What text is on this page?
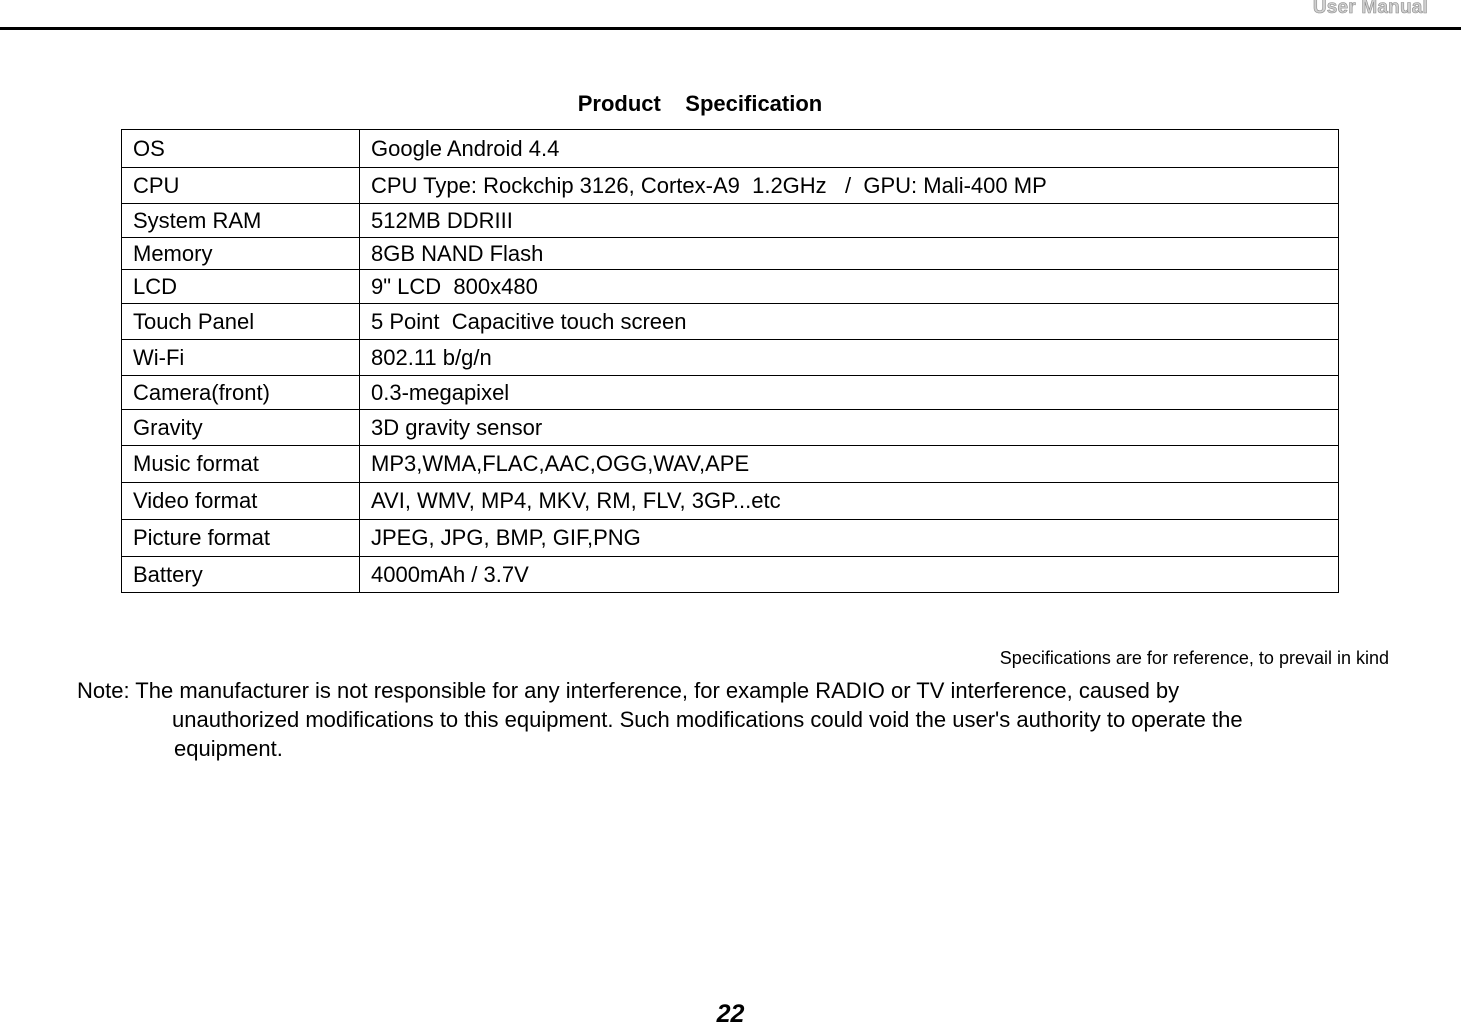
User Manual
Product    Specification
OS	Google Android 4.4
CPU	CPU Type: Rockchip 3126, Cortex-A9  1.2GHz   /  GPU: Mali-400 MP
System RAM	512MB DDRIII
Memory	8GB NAND Flash
LCD	9" LCD  800x480
Touch Panel	5 Point  Capacitive touch screen
Wi-Fi	802.11 b/g/n
Camera(front)	0.3-megapixel
Gravity	3D gravity sensor
Music format	MP3,WMA,FLAC,AAC,OGG,WAV,APE
Video format	AVI, WMV, MP4, MKV, RM, FLV, 3GP...etc
Picture format	JPEG, JPG, BMP, GIF,PNG
Battery	4000mAh / 3.7V
Specifications are for reference, to prevail in kind
Note: The manufacturer is not responsible for any interference, for example RADIO or TV interference, caused by
unauthorized modifications to this equipment. Such modifications could void the user's authority to operate the
equipment.
22
